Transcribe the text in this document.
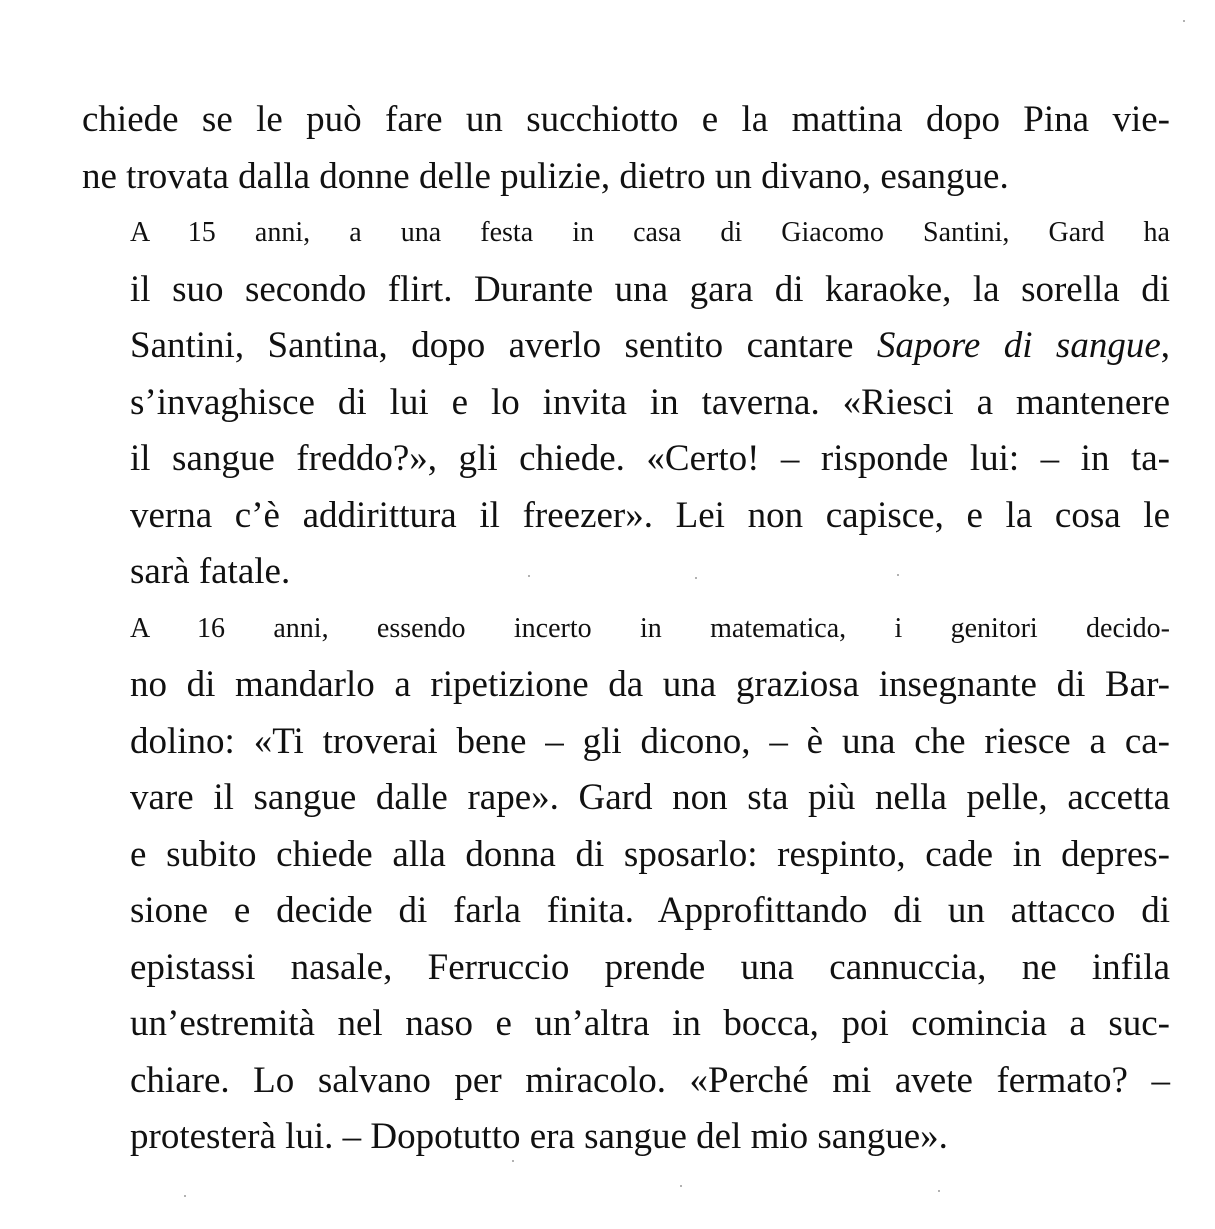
chiede se le può fare un succhiotto e la mattina dopo Pina vie-
ne trovata dalla donne delle pulizie, dietro un divano, esangue.

A 15 anni, a una festa in casa di Giacomo Santini, Gard ha
il suo secondo flirt. Durante una gara di karaoke, la sorella di
Santini, Santina, dopo averlo sentito cantare Sapore di sangue,
s’invaghisce di lui e lo invita in taverna. «Riesci a mantenere
il sangue freddo?», gli chiede. «Certo! – risponde lui: – in ta-
verna c’è addirittura il freezer». Lei non capisce, e la cosa le
sarà fatale.

A 16 anni, essendo incerto in matematica, i genitori decido-
no di mandarlo a ripetizione da una graziosa insegnante di Bar-
dolino: «Ti troverai bene – gli dicono, – è una che riesce a ca-
vare il sangue dalle rape». Gard non sta più nella pelle, accetta
e subito chiede alla donna di sposarlo: respinto, cade in depres-
sione e decide di farla finita. Approfittando di un attacco di
epistassi nasale, Ferruccio prende una cannuccia, ne infila
un’estremità nel naso e un’altra in bocca, poi comincia a suc-
chiare. Lo salvano per miracolo. «Perché mi avete fermato? –
protesterà lui. – Dopotutto era sangue del mio sangue».
